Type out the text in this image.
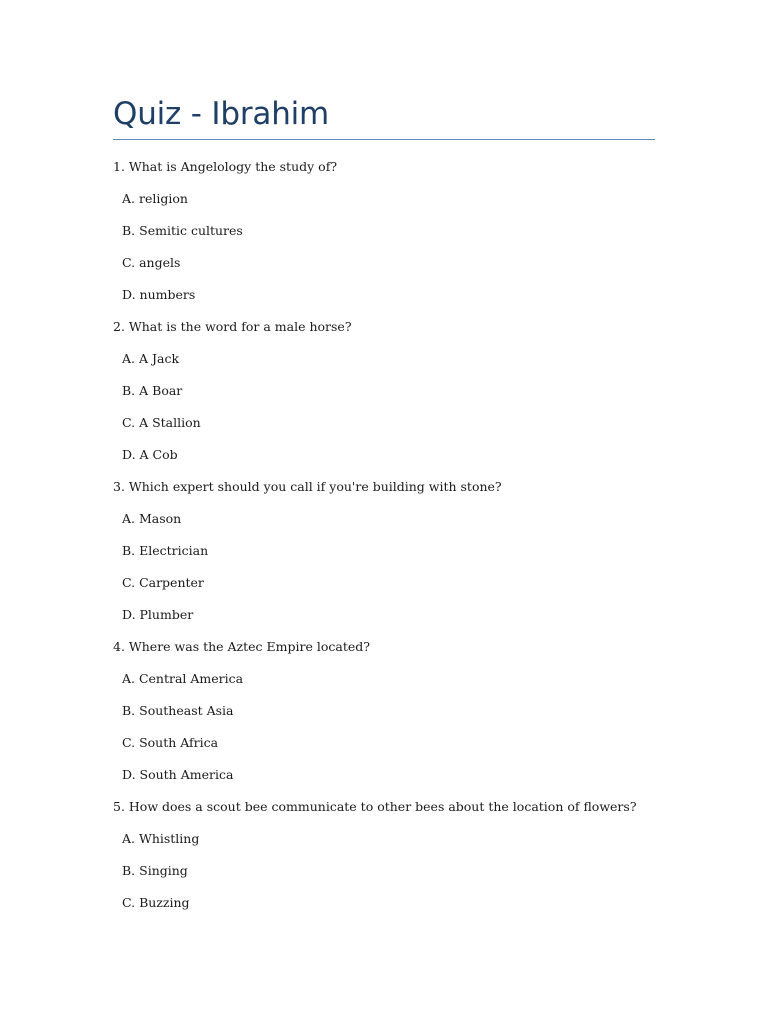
Quiz - Ibrahim
1. What is Angelology the study of?
A. religion
B. Semitic cultures
C. angels
D. numbers
2. What is the word for a male horse?
A. A Jack
B. A Boar
C. A Stallion
D. A Cob
3. Which expert should you call if you're building with stone?
A. Mason
B. Electrician
C. Carpenter
D. Plumber
4. Where was the Aztec Empire located?
A. Central America
B. Southeast Asia
C. South Africa
D. South America
5. How does a scout bee communicate to other bees about the location of flowers?
A. Whistling
B. Singing
C. Buzzing
